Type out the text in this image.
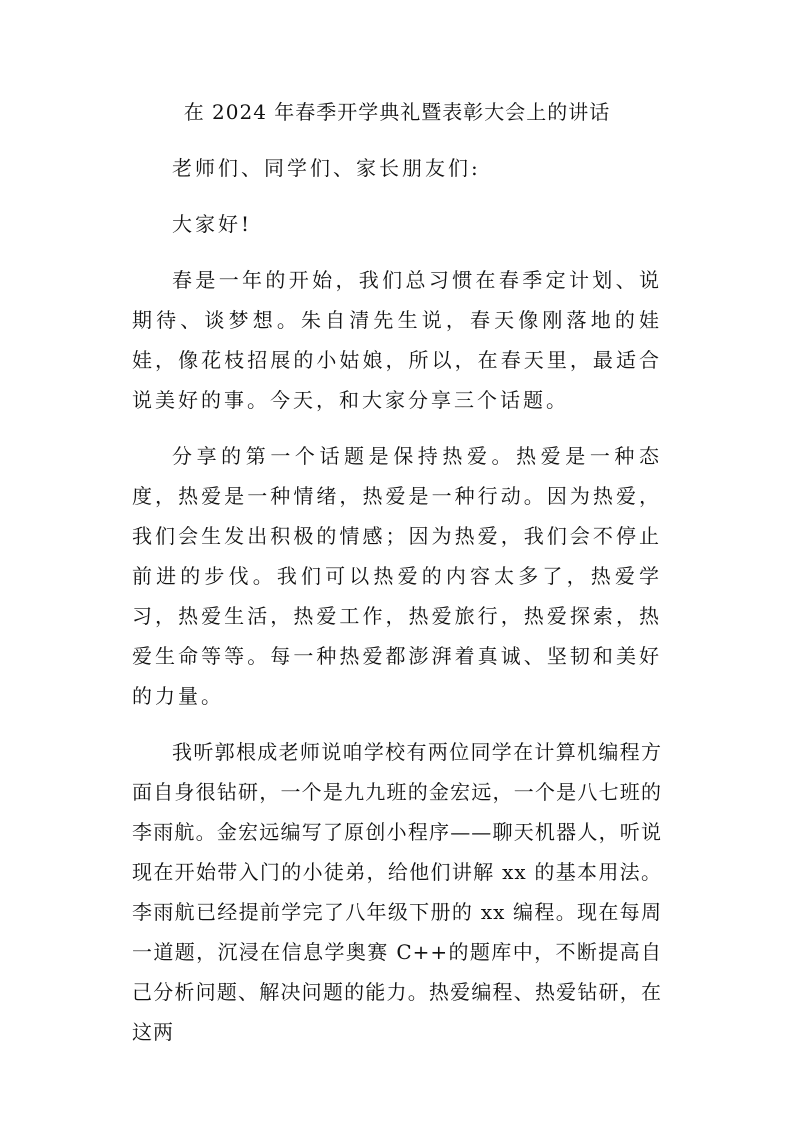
在 2024 年春季开学典礼暨表彰大会上的讲话

老师们、同学们、家长朋友们:

大家好!

春是一年的开始，我们总习惯在春季定计划、说期待、谈梦想。朱自清先生说，春天像刚落地的娃娃，像花枝招展的小姑娘，所以，在春天里，最适合说美好的事。今天，和大家分享三个话题。

分享的第一个话题是保持热爱。热爱是一种态度，热爱是一种情绪，热爱是一种行动。因为热爱，我们会生发出积极的情感；因为热爱，我们会不停止前进的步伐。我们可以热爱的内容太多了，热爱学习，热爱生活，热爱工作，热爱旅行，热爱探索，热爱生命等等。每一种热爱都澎湃着真诚、坚韧和美好的力量。

我听郭根成老师说咱学校有两位同学在计算机编程方面自身很钻研，一个是九九班的金宏远，一个是八七班的李雨航。金宏远编写了原创小程序——聊天机器人，听说现在开始带入门的小徒弟，给他们讲解 xx 的基本用法。李雨航已经提前学完了八年级下册的 xx 编程。现在每周一道题，沉浸在信息学奥赛 C++的题库中，不断提高自己分析问题、解决问题的能力。热爱编程、热爱钻研，在这两
